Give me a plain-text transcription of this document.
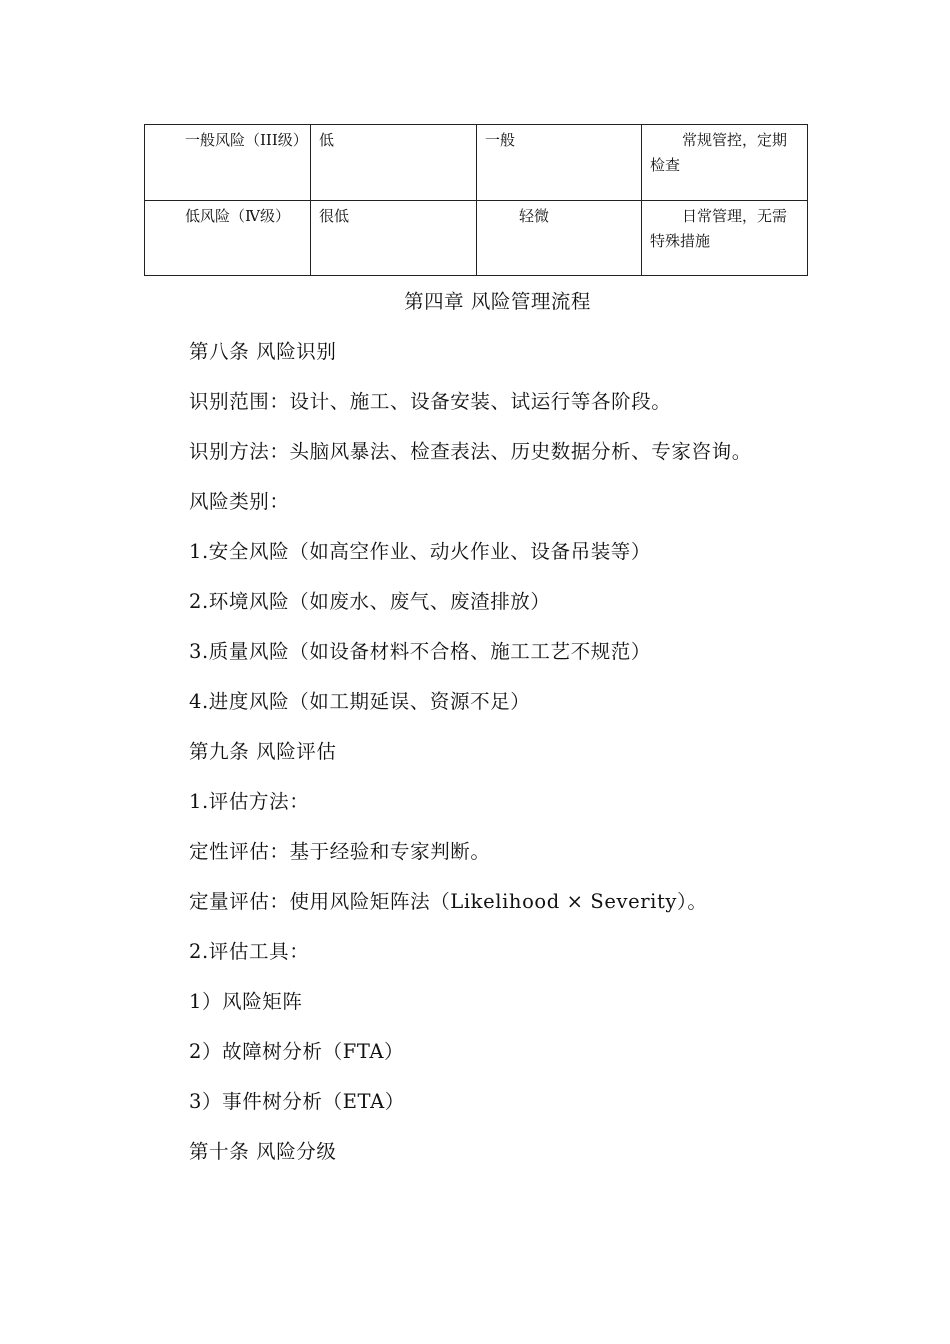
一般风险（III级）	低	一般	常规管控，定期检查
低风险（Ⅳ级）	很低	轻微	日常管理，无需特殊措施
第四章 风险管理流程
第八条 风险识别
识别范围：设计、施工、设备安装、试运行等各阶段。
识别方法：头脑风暴法、检查表法、历史数据分析、专家咨询。
风险类别：
1.安全风险（如高空作业、动火作业、设备吊装等）
2.环境风险（如废水、废气、废渣排放）
3.质量风险（如设备材料不合格、施工工艺不规范）
4.进度风险（如工期延误、资源不足）
第九条 风险评估
1.评估方法：
定性评估：基于经验和专家判断。
定量评估：使用风险矩阵法（Likelihood × Severity）。
2.评估工具：
1）风险矩阵
2）故障树分析（FTA）
3）事件树分析（ETA）
第十条 风险分级
